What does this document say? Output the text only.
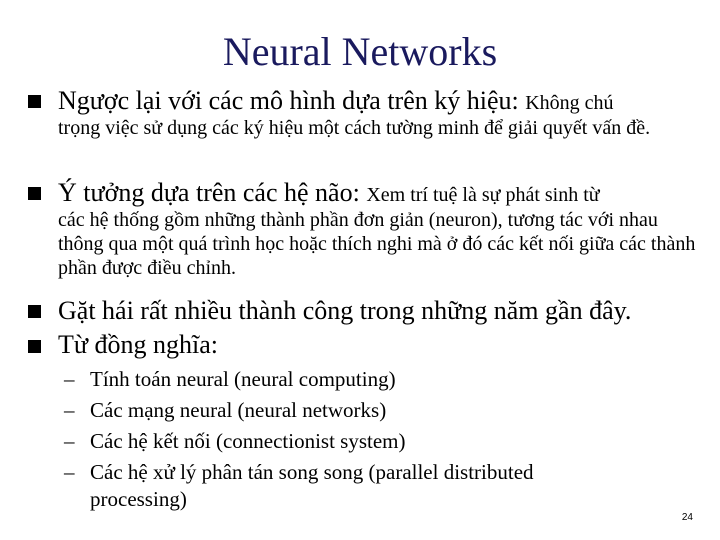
Neural Networks
Ngược lại với các mô hình dựa trên ký hiệu: Không chú
trọng việc sử dụng các ký hiệu một cách tường minh để giải quyết vấn đề.
Ý tưởng dựa trên các hệ não: Xem trí tuệ là sự phát sinh từ
các hệ thống gồm những thành phần đơn giản (neuron), tương tác với nhau thông qua một quá trình học hoặc thích nghi mà ở đó các kết nối giữa các thành phần được điều chỉnh.
Gặt hái rất nhiều thành công trong những năm gần đây.
Từ đồng nghĩa:
– Tính toán neural (neural computing)
– Các mạng neural (neural networks)
– Các hệ kết nối (connectionist system)
– Các hệ xử lý phân tán song song (parallel distributed
processing)
24
